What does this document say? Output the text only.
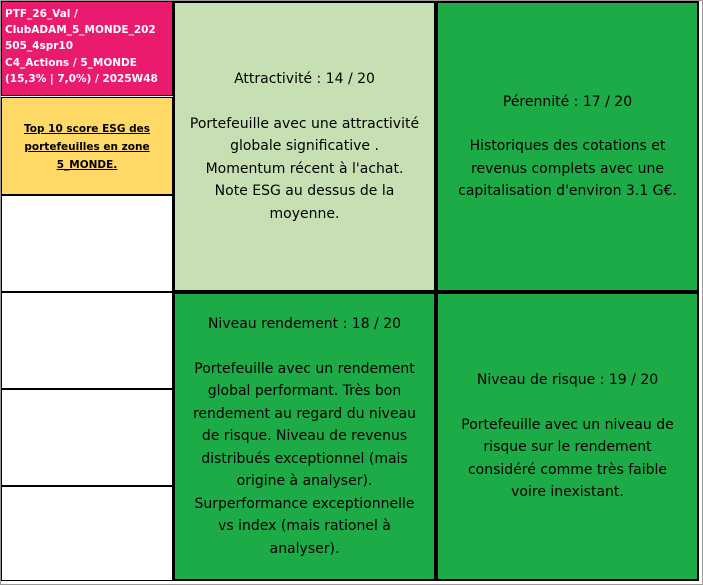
PTF_26_Val /
ClubADAM_5_MONDE_202
505_4spr10
C4_Actions / 5_MONDE
(15,3% | 7,0%) / 2025W48
Top 10 score ESG des
portefeuilles en zone
5_MONDE.
Attractivité : 14 / 20
Portefeuille avec une attractivité
globale significative .
Momentum récent à l'achat.
Note ESG au dessus de la
moyenne.
Pérennité : 17 / 20
Historiques des cotations et
revenus complets avec une
capitalisation d'environ 3.1 G€.
Niveau rendement : 18 / 20
Portefeuille avec un rendement
global performant. Très bon
rendement au regard du niveau
de risque. Niveau de revenus
distribués exceptionnel (mais
origine à analyser).
Surperformance exceptionnelle
vs index (mais rationel à
analyser).
Niveau de risque : 19 / 20
Portefeuille avec un niveau de
risque sur le rendement
considéré comme très faible
voire inexistant.
